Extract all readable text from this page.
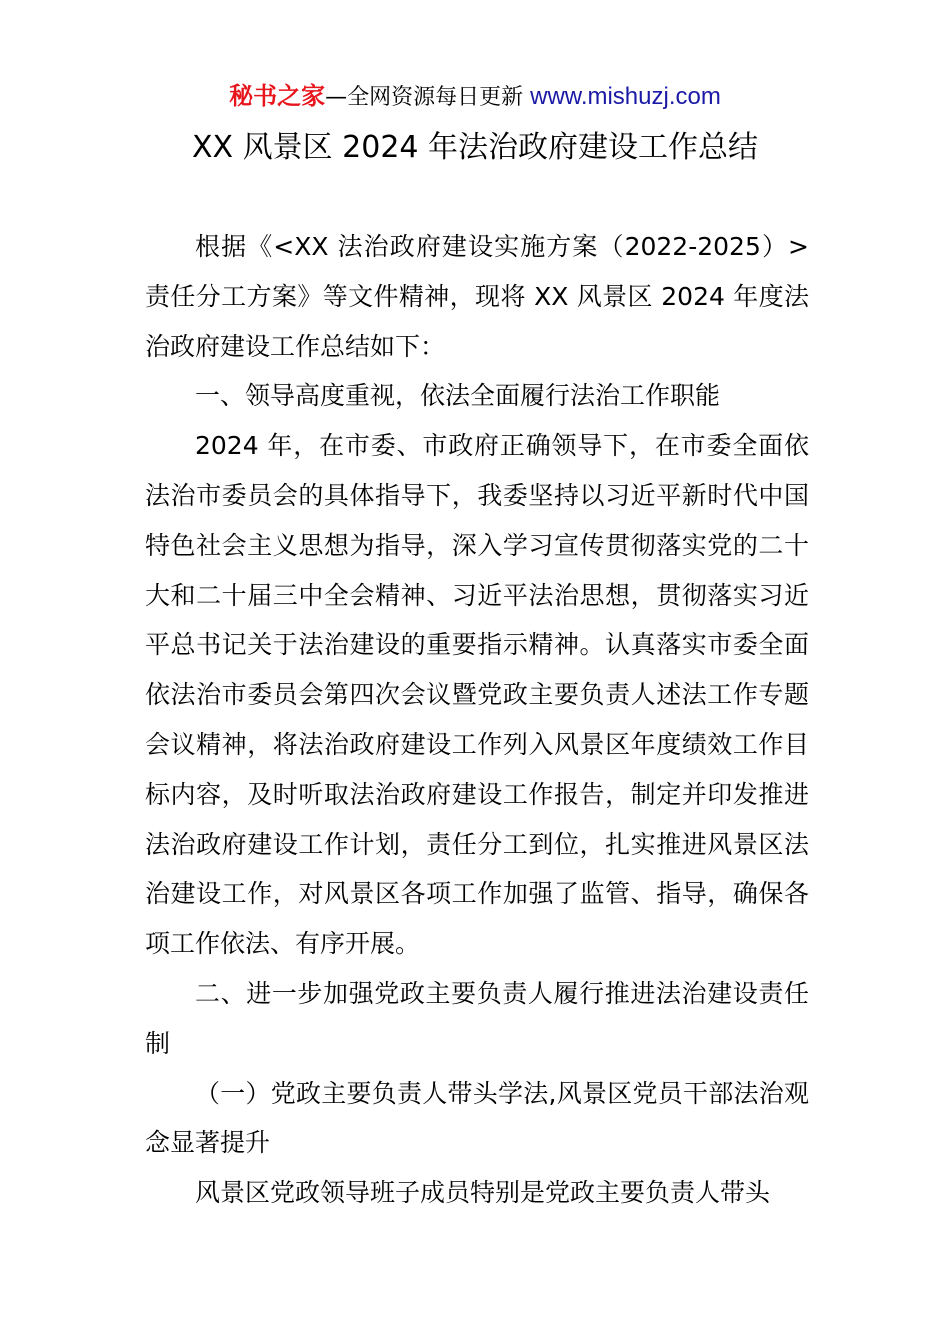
秘书之家—全网资源每日更新 www.mishuzj.com
XX 风景区 2024 年法治政府建设工作总结

根据《<XX 法治政府建设实施方案（2022-2025）>责任分工方案》等文件精神，现将 XX 风景区 2024 年度法治政府建设工作总结如下：

一、领导高度重视，依法全面履行法治工作职能

2024 年，在市委、市政府正确领导下，在市委全面依法治市委员会的具体指导下，我委坚持以习近平新时代中国特色社会主义思想为指导，深入学习宣传贯彻落实党的二十大和二十届三中全会精神、习近平法治思想，贯彻落实习近平总书记关于法治建设的重要指示精神。认真落实市委全面依法治市委员会第四次会议暨党政主要负责人述法工作专题会议精神，将法治政府建设工作列入风景区年度绩效工作目标内容，及时听取法治政府建设工作报告，制定并印发推进法治政府建设工作计划，责任分工到位，扎实推进风景区法治建设工作，对风景区各项工作加强了监管、指导，确保各项工作依法、有序开展。

二、进一步加强党政主要负责人履行推进法治建设责任制

（一）党政主要负责人带头学法,风景区党员干部法治观念显著提升

风景区党政领导班子成员特别是党政主要负责人带头
